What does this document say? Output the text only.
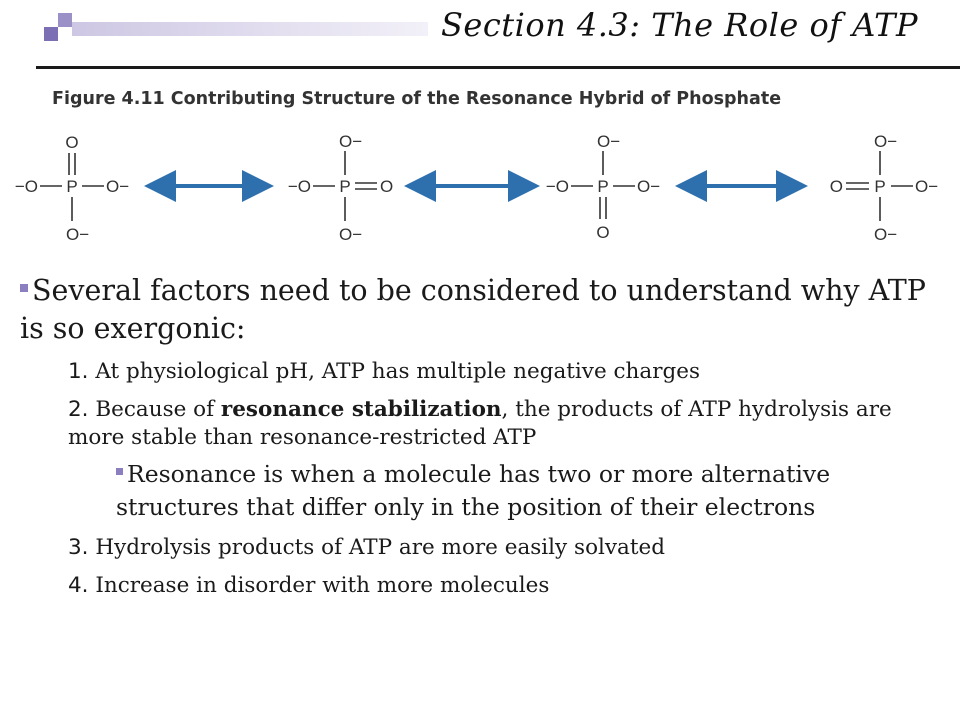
Section 4.3: The Role of ATP
Figure 4.11 Contributing Structure of the Resonance Hybrid of Phosphate
O
P
−O	O−
O−
O−
P
−O	O
O−
O−
P
−O	O−
O
O−
P
O	O−
O−
Several factors need to be considered to understand why ATP is so exergonic:
1. At physiological pH, ATP has multiple negative charges
2. Because of resonance stabilization, the products of ATP hydrolysis are more stable than resonance-restricted ATP
Resonance is when a molecule has two or more alternative structures that differ only in the position of their electrons
3. Hydrolysis products of ATP are more easily solvated
4. Increase in disorder with more molecules
